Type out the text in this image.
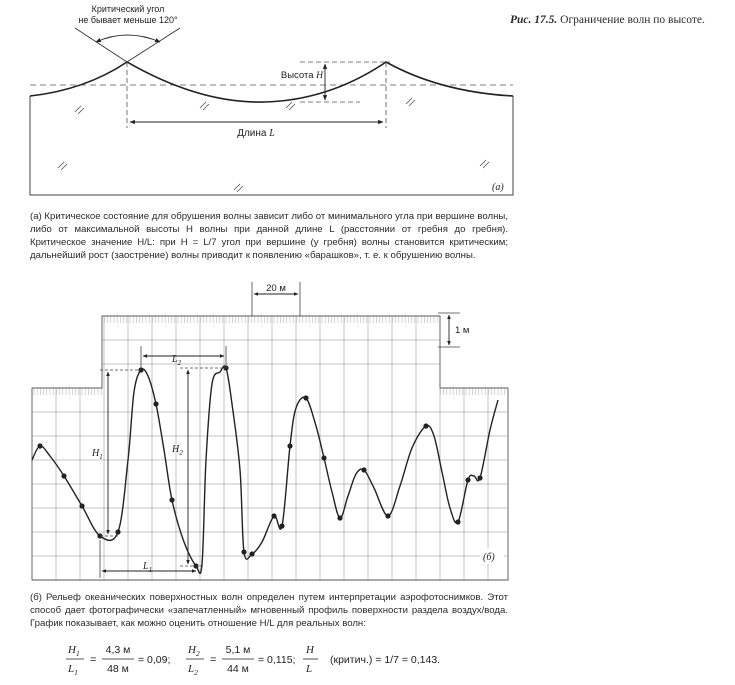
Рис. 17.5. Ограничение волн по высоте.
Критический угол
не бывает меньше 120°
Длина L
Высота H
(a)
(a) Критическое состояние для обрушения волны зависит либо от минимального угла при вершине волны, либо от максимальной высоты H волны при данной длине L (расстоянии от гребня до гребня). Критическое значение H/L: при H = L/7 угол при вершине (у гребня) волны становится критическим; дальнейший рост (заострение) волны приводит к появлению «барашков», т. е. к обрушению волны.
20 м
1 м
$H_1$
$H_2$
$L_2$
$L_1$
(б)
(б) Рельеф океанических поверхностных волн определен путем интерпретации аэрофотоснимков. Этот способ дает фотографически «запечатленный» мгновенный профиль поверхности раздела воздух/вода. График показывает, как можно оценить отношение H/L для реальных волн:
$H_1$
$L_1$
=
4,3 м
48 м
= 0,09;
$H_2$
$L_2$
=
5,1 м
44 м
= 0,115;
H
L
(критич.) = 1/7 = 0,143.
